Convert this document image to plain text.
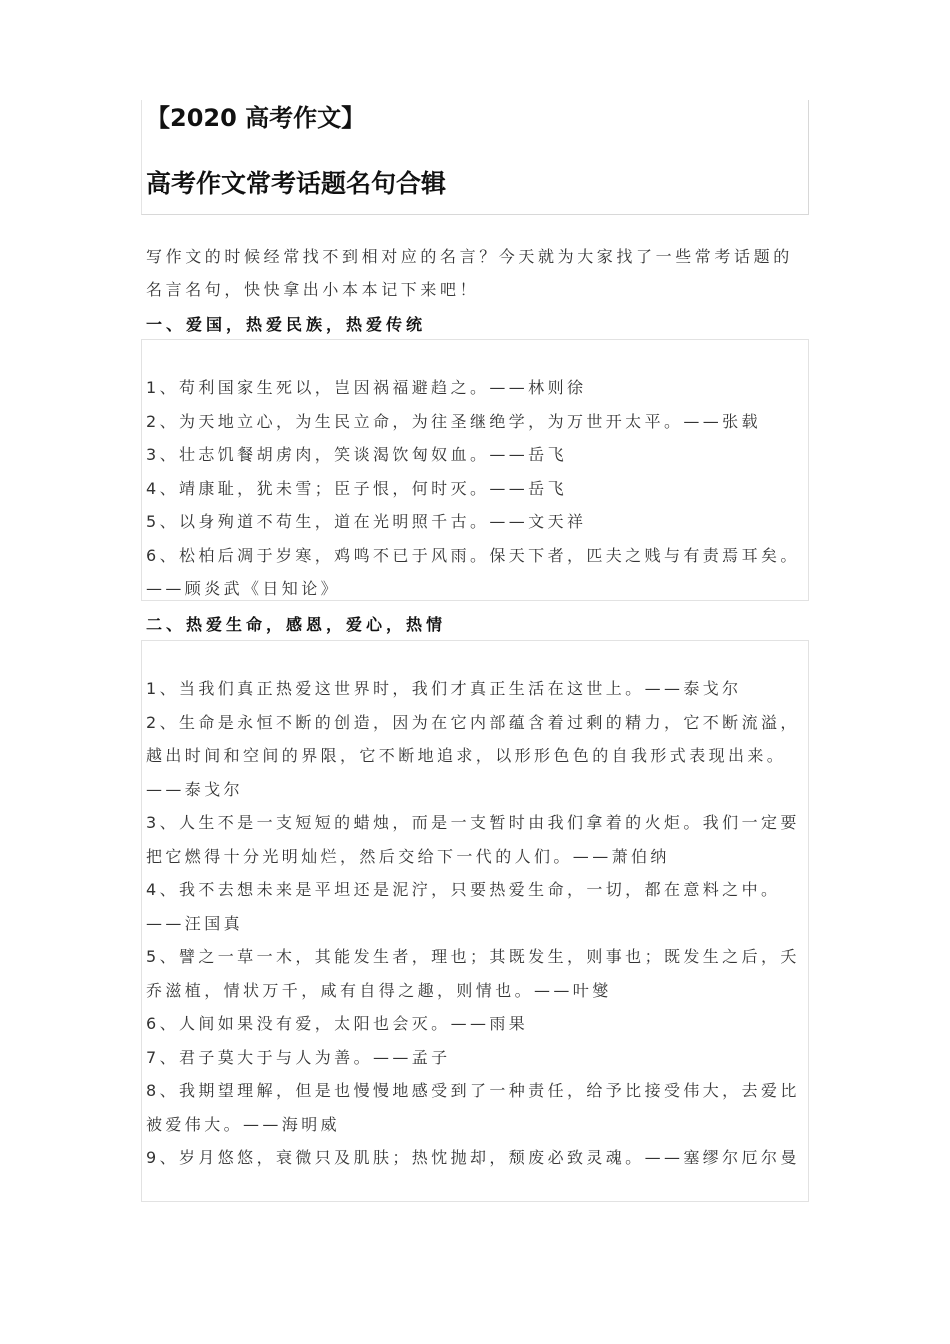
【2020 高考作文】
高考作文常考话题名句合辑
写作文的时候经常找不到相对应的名言？今天就为大家找了一些常考话题的名言名句，快快拿出小本本记下来吧！
一、爱国，热爱民族，热爱传统
1、苟利国家生死以，岂因祸福避趋之。——林则徐
2、为天地立心，为生民立命，为往圣继绝学，为万世开太平。——张载
3、壮志饥餐胡虏肉，笑谈渴饮匈奴血。——岳飞
4、靖康耻，犹未雪；臣子恨，何时灭。——岳飞
5、以身殉道不苟生，道在光明照千古。——文天祥
6、松柏后凋于岁寒，鸡鸣不已于风雨。保天下者，匹夫之贱与有责焉耳矣。——顾炎武《日知论》
二、热爱生命，感恩，爱心，热情
1、当我们真正热爱这世界时，我们才真正生活在这世上。——泰戈尔
2、生命是永恒不断的创造，因为在它内部蕴含着过剩的精力，它不断流溢，越出时间和空间的界限，它不断地追求，以形形色色的自我形式表现出来。——泰戈尔
3、人生不是一支短短的蜡烛，而是一支暂时由我们拿着的火炬。我们一定要把它燃得十分光明灿烂，然后交给下一代的人们。——萧伯纳
4、我不去想未来是平坦还是泥泞，只要热爱生命，一切，都在意料之中。——汪国真
5、譬之一草一木，其能发生者，理也；其既发生，则事也；既发生之后，夭乔滋植，情状万千，咸有自得之趣，则情也。——叶燮
6、人间如果没有爱，太阳也会灭。——雨果
7、君子莫大于与人为善。——孟子
8、我期望理解，但是也慢慢地感受到了一种责任，给予比接受伟大，去爱比被爱伟大。——海明威
9、岁月悠悠，衰微只及肌肤；热忱抛却，颓废必致灵魂。——塞缪尔厄尔曼
